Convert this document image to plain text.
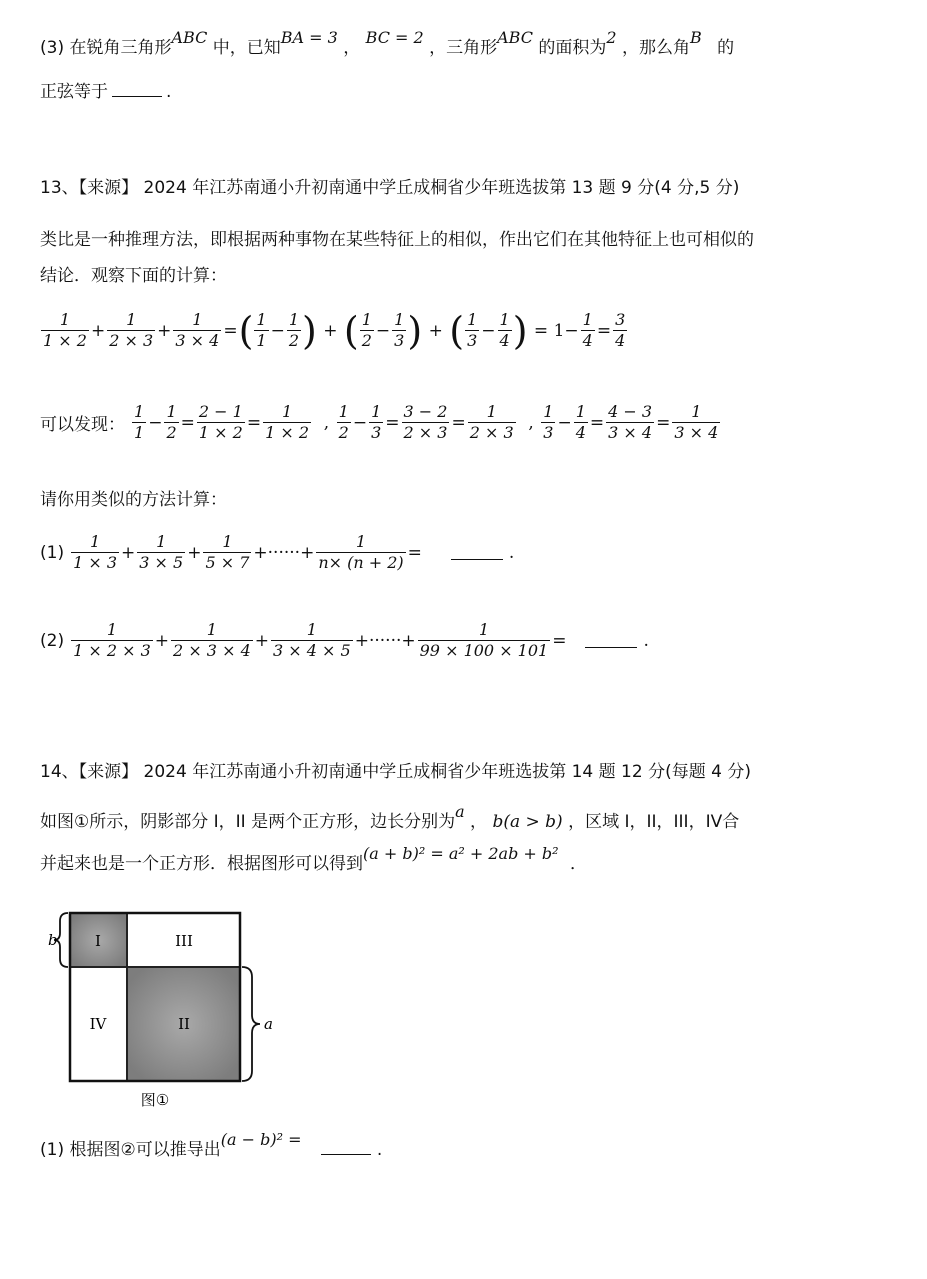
(3) 在锐角三角形ABC 中，已知BA = 3 ， BC = 2 ，三角形ABC 的面积为2 ，那么角B 的
正弦等于	.
13、【来源】 2024 年江苏南通小升初南通中学丘成桐省少年班选拔第 13 题 9 分(4 分,5 分)
类比是一种推理方法，即根据两种事物在某些特征上的相似，作出它们在其他特征上也可相似的
结论．观察下面的计算：
$\frac{1}{1 \times 2} + \frac{1}{2 \times 3} + \frac{1}{3 \times 4}$ = ( $\frac{1}{1} - \frac{1}{2}$ ) + ( $\frac{1}{2} - \frac{1}{3}$ ) + ( $\frac{1}{3} - \frac{1}{4}$ ) = $1- \frac{1}{4} = \frac{3}{4}$
可以发现： $\frac{1}{1} - \frac{1}{2} = \frac{2 - 1}{1 \times 2} = \frac{1}{1 \times 2}$ , $\frac{1}{2} - \frac{1}{3} = \frac{3 - 2}{2 \times 3} = \frac{1}{2 \times 3}$ , $\frac{1}{3} - \frac{1}{4} = \frac{4 - 3}{3 \times 4} = \frac{1}{3 \times 4}$
请你用类似的方法计算：
$(1) \frac{1}{1 \times 3} + \frac{1}{3 \times 5} + \frac{1}{5 \times 7}$ +······+ $\frac{1}{n\times (n + 2)}$ =	.
$(2) \frac{1}{1 \times 2 \times 3} + \frac{1}{2 \times 3 \times 4} + \frac{1}{3 \times 4 \times 5}$ +······+ $\frac{1}{99 \times 100 \times 101}$ =	.
14、【来源】 2024 年江苏南通小升初南通中学丘成桐省少年班选拔第 14 题 12 分(每题 4 分)
如图①所示，阴影部分 I，II 是两个正方形，边长分别为a ， b(a > b) ，区域 I，II，III，IV合
并起来也是一个正方形．根据图形可以得到(a + b)² = a² + 2ab + b² ．
I	III
IV	II
b
a
图①
(1) 根据图②可以推导出(a − b)² = .
